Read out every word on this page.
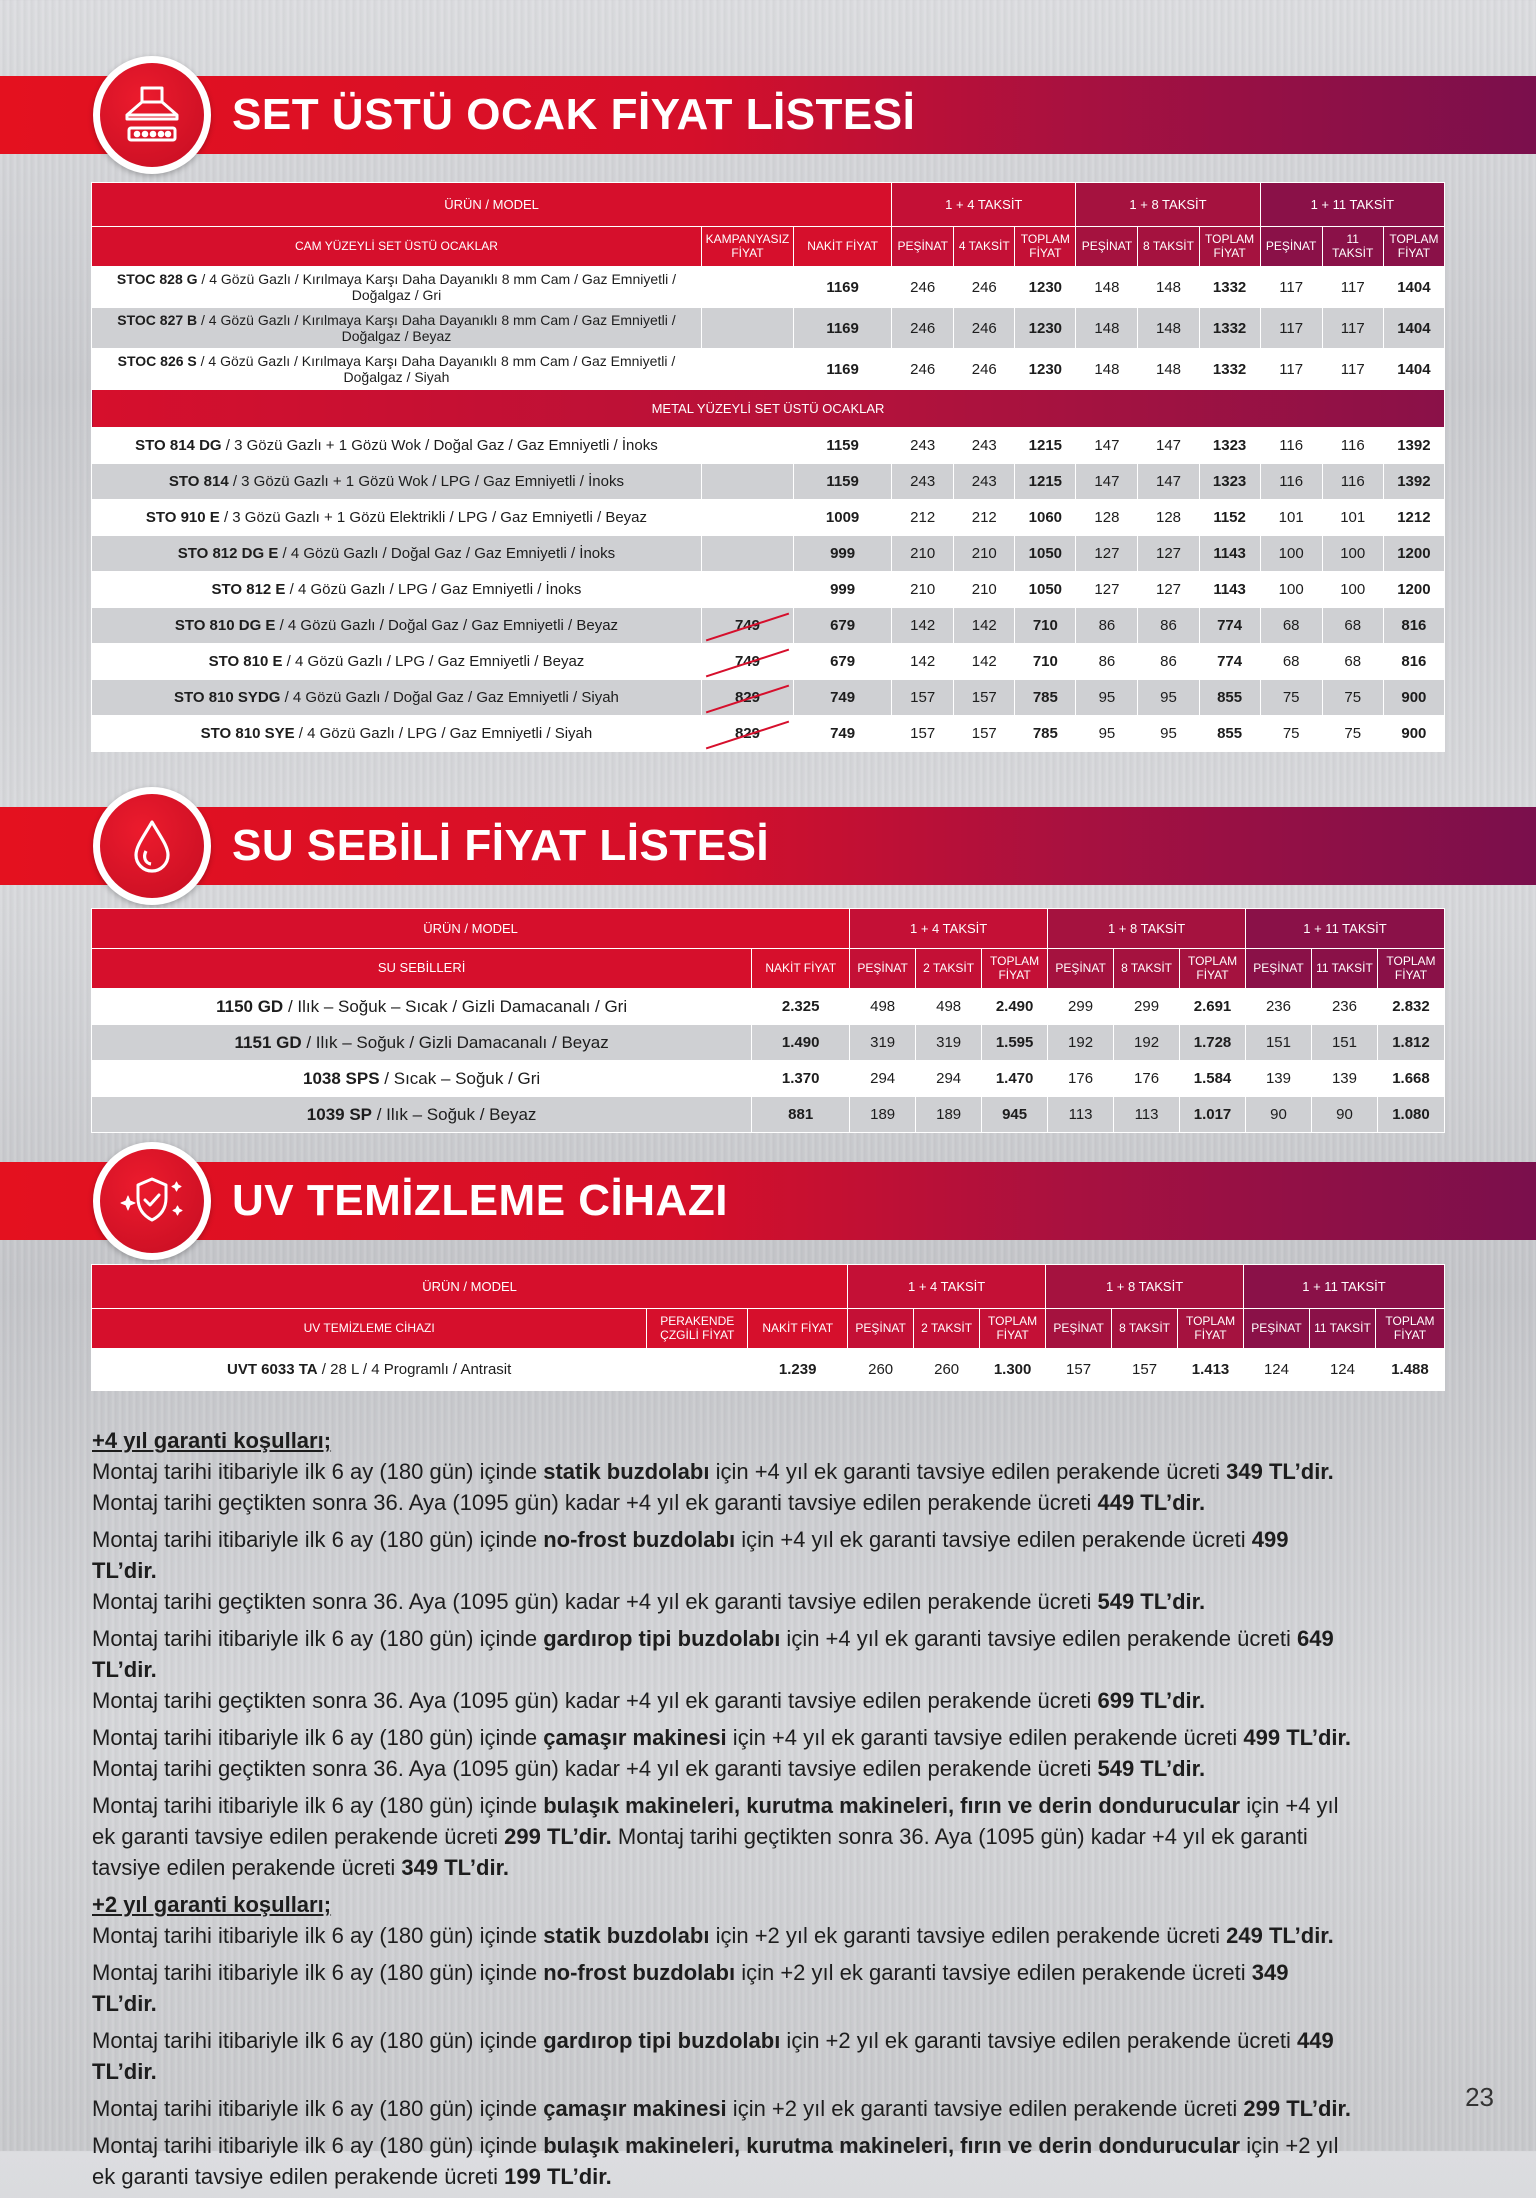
SET ÜSTÜ OCAK FİYAT LİSTESİ
ÜRÜN / MODEL			1 + 4 TAKSİT			1 + 8 TAKSİT			1 + 11 TAKSİT		
CAM YÜZEYLİ SET ÜSTÜ OCAKLAR	KAMPANYASIZ FİYAT	NAKİT FİYAT	PEŞİNAT	4 TAKSİT	TOPLAM FİYAT	PEŞİNAT	8 TAKSİT	TOPLAM FİYAT	PEŞİNAT	11 TAKSİT	TOPLAM FİYAT
STOC 828 G / 4 Gözü Gazlı / Kırılmaya Karşı Daha Dayanıklı 8 mm Cam / Gaz Emniyetli / Doğalgaz / Gri		1169	246	246	1230	148	148	1332	117	117	1404
STOC 827 B / 4 Gözü Gazlı / Kırılmaya Karşı Daha Dayanıklı 8 mm Cam / Gaz Emniyetli / Doğalgaz / Beyaz		1169	246	246	1230	148	148	1332	117	117	1404
STOC 826 S / 4 Gözü Gazlı / Kırılmaya Karşı Daha Dayanıklı 8 mm Cam / Gaz Emniyetli / Doğalgaz / Siyah		1169	246	246	1230	148	148	1332	117	117	1404
METAL YÜZEYLİ SET ÜSTÜ OCAKLAR											
STO 814 DG / 3 Gözü Gazlı + 1 Gözü Wok / Doğal Gaz / Gaz Emniyetli / İnoks		1159	243	243	1215	147	147	1323	116	116	1392
STO 814 / 3 Gözü Gazlı + 1 Gözü Wok / LPG / Gaz Emniyetli / İnoks		1159	243	243	1215	147	147	1323	116	116	1392
STO 910 E / 3 Gözü Gazlı + 1 Gözü Elektrikli / LPG / Gaz Emniyetli / Beyaz		1009	212	212	1060	128	128	1152	101	101	1212
STO 812 DG E / 4 Gözü Gazlı / Doğal Gaz / Gaz Emniyetli / İnoks		999	210	210	1050	127	127	1143	100	100	1200
STO 812 E / 4 Gözü Gazlı / LPG / Gaz Emniyetli / İnoks		999	210	210	1050	127	127	1143	100	100	1200
STO 810 DG E / 4 Gözü Gazlı / Doğal Gaz / Gaz Emniyetli / Beyaz	749	679	142	142	710	86	86	774	68	68	816
STO 810 E / 4 Gözü Gazlı / LPG / Gaz Emniyetli / Beyaz	749	679	142	142	710	86	86	774	68	68	816
STO 810 SYDG / 4 Gözü Gazlı / Doğal Gaz / Gaz Emniyetli / Siyah	829	749	157	157	785	95	95	855	75	75	900
STO 810 SYE / 4 Gözü Gazlı / LPG / Gaz Emniyetli / Siyah	829	749	157	157	785	95	95	855	75	75	900
SU SEBİLİ FİYAT LİSTESİ
ÜRÜN / MODEL		1 + 4 TAKSİT			1 + 8 TAKSİT			1 + 11 TAKSİT		
SU SEBİLLERİ	NAKİT FİYAT	PEŞİNAT	2 TAKSİT	TOPLAM FİYAT	PEŞİNAT	8 TAKSİT	TOPLAM FİYAT	PEŞİNAT	11 TAKSİT	TOPLAM FİYAT
1150 GD / Ilık – Soğuk – Sıcak / Gizli Damacanalı / Gri	2.325	498	498	2.490	299	299	2.691	236	236	2.832
1151 GD / Ilık – Soğuk / Gizli Damacanalı / Beyaz	1.490	319	319	1.595	192	192	1.728	151	151	1.812
1038 SPS / Sıcak – Soğuk / Gri	1.370	294	294	1.470	176	176	1.584	139	139	1.668
1039 SP / Ilık – Soğuk / Beyaz	881	189	189	945	113	113	1.017	90	90	1.080
UV TEMİZLEME CİHAZI
ÜRÜN / MODEL			1 + 4 TAKSİT			1 + 8 TAKSİT			1 + 11 TAKSİT		
UV TEMİZLEME CİHAZI	PERAKENDE ÇZGİLİ FİYAT	NAKİT FİYAT	PEŞİNAT	2 TAKSİT	TOPLAM FİYAT	PEŞİNAT	8 TAKSİT	TOPLAM FİYAT	PEŞİNAT	11 TAKSİT	TOPLAM FİYAT
UVT 6033 TA / 28 L / 4 Programlı / Antrasit		1.239	260	260	1.300	157	157	1.413	124	124	1.488
+4 yıl garanti koşulları;

Montaj tarihi itibariyle ilk 6 ay (180 gün) içinde statik buzdolabı için +4 yıl ek garanti tavsiye edilen perakende ücreti 349 TL’dir.
Montaj tarihi geçtikten sonra 36. Aya (1095 gün) kadar +4 yıl ek garanti tavsiye edilen perakende ücreti 449 TL’dir.

Montaj tarihi itibariyle ilk 6 ay (180 gün) içinde no-frost buzdolabı için +4 yıl ek garanti tavsiye edilen perakende ücreti 499 TL’dir.
Montaj tarihi geçtikten sonra 36. Aya (1095 gün) kadar +4 yıl ek garanti tavsiye edilen perakende ücreti 549 TL’dir.

Montaj tarihi itibariyle ilk 6 ay (180 gün) içinde gardırop tipi buzdolabı için +4 yıl ek garanti tavsiye edilen perakende ücreti 649 TL’dir.
Montaj tarihi geçtikten sonra 36. Aya (1095 gün) kadar +4 yıl ek garanti tavsiye edilen perakende ücreti 699 TL’dir.

Montaj tarihi itibariyle ilk 6 ay (180 gün) içinde çamaşır makinesi için +4 yıl ek garanti tavsiye edilen perakende ücreti 499 TL’dir.
Montaj tarihi geçtikten sonra 36. Aya (1095 gün) kadar +4 yıl ek garanti tavsiye edilen perakende ücreti 549 TL’dir.

Montaj tarihi itibariyle ilk 6 ay (180 gün) içinde bulaşık makineleri, kurutma makineleri, fırın ve derin dondurucular için +4 yıl ek garanti tavsiye edilen perakende ücreti 299 TL’dir. Montaj tarihi geçtikten sonra 36. Aya (1095 gün) kadar +4 yıl ek garanti tavsiye edilen perakende ücreti 349 TL’dir.

+2 yıl garanti koşulları;

Montaj tarihi itibariyle ilk 6 ay (180 gün) içinde statik buzdolabı için +2 yıl ek garanti tavsiye edilen perakende ücreti 249 TL’dir.

Montaj tarihi itibariyle ilk 6 ay (180 gün) içinde no-frost buzdolabı için +2 yıl ek garanti tavsiye edilen perakende ücreti 349 TL’dir.

Montaj tarihi itibariyle ilk 6 ay (180 gün) içinde gardırop tipi buzdolabı için +2 yıl ek garanti tavsiye edilen perakende ücreti 449 TL’dir.

Montaj tarihi itibariyle ilk 6 ay (180 gün) içinde çamaşır makinesi için +2 yıl ek garanti tavsiye edilen perakende ücreti 299 TL’dir.

Montaj tarihi itibariyle ilk 6 ay (180 gün) içinde bulaşık makineleri, kurutma makineleri, fırın ve derin dondurucular için +2 yıl ek garanti tavsiye edilen perakende ücreti 199 TL’dir.

23
